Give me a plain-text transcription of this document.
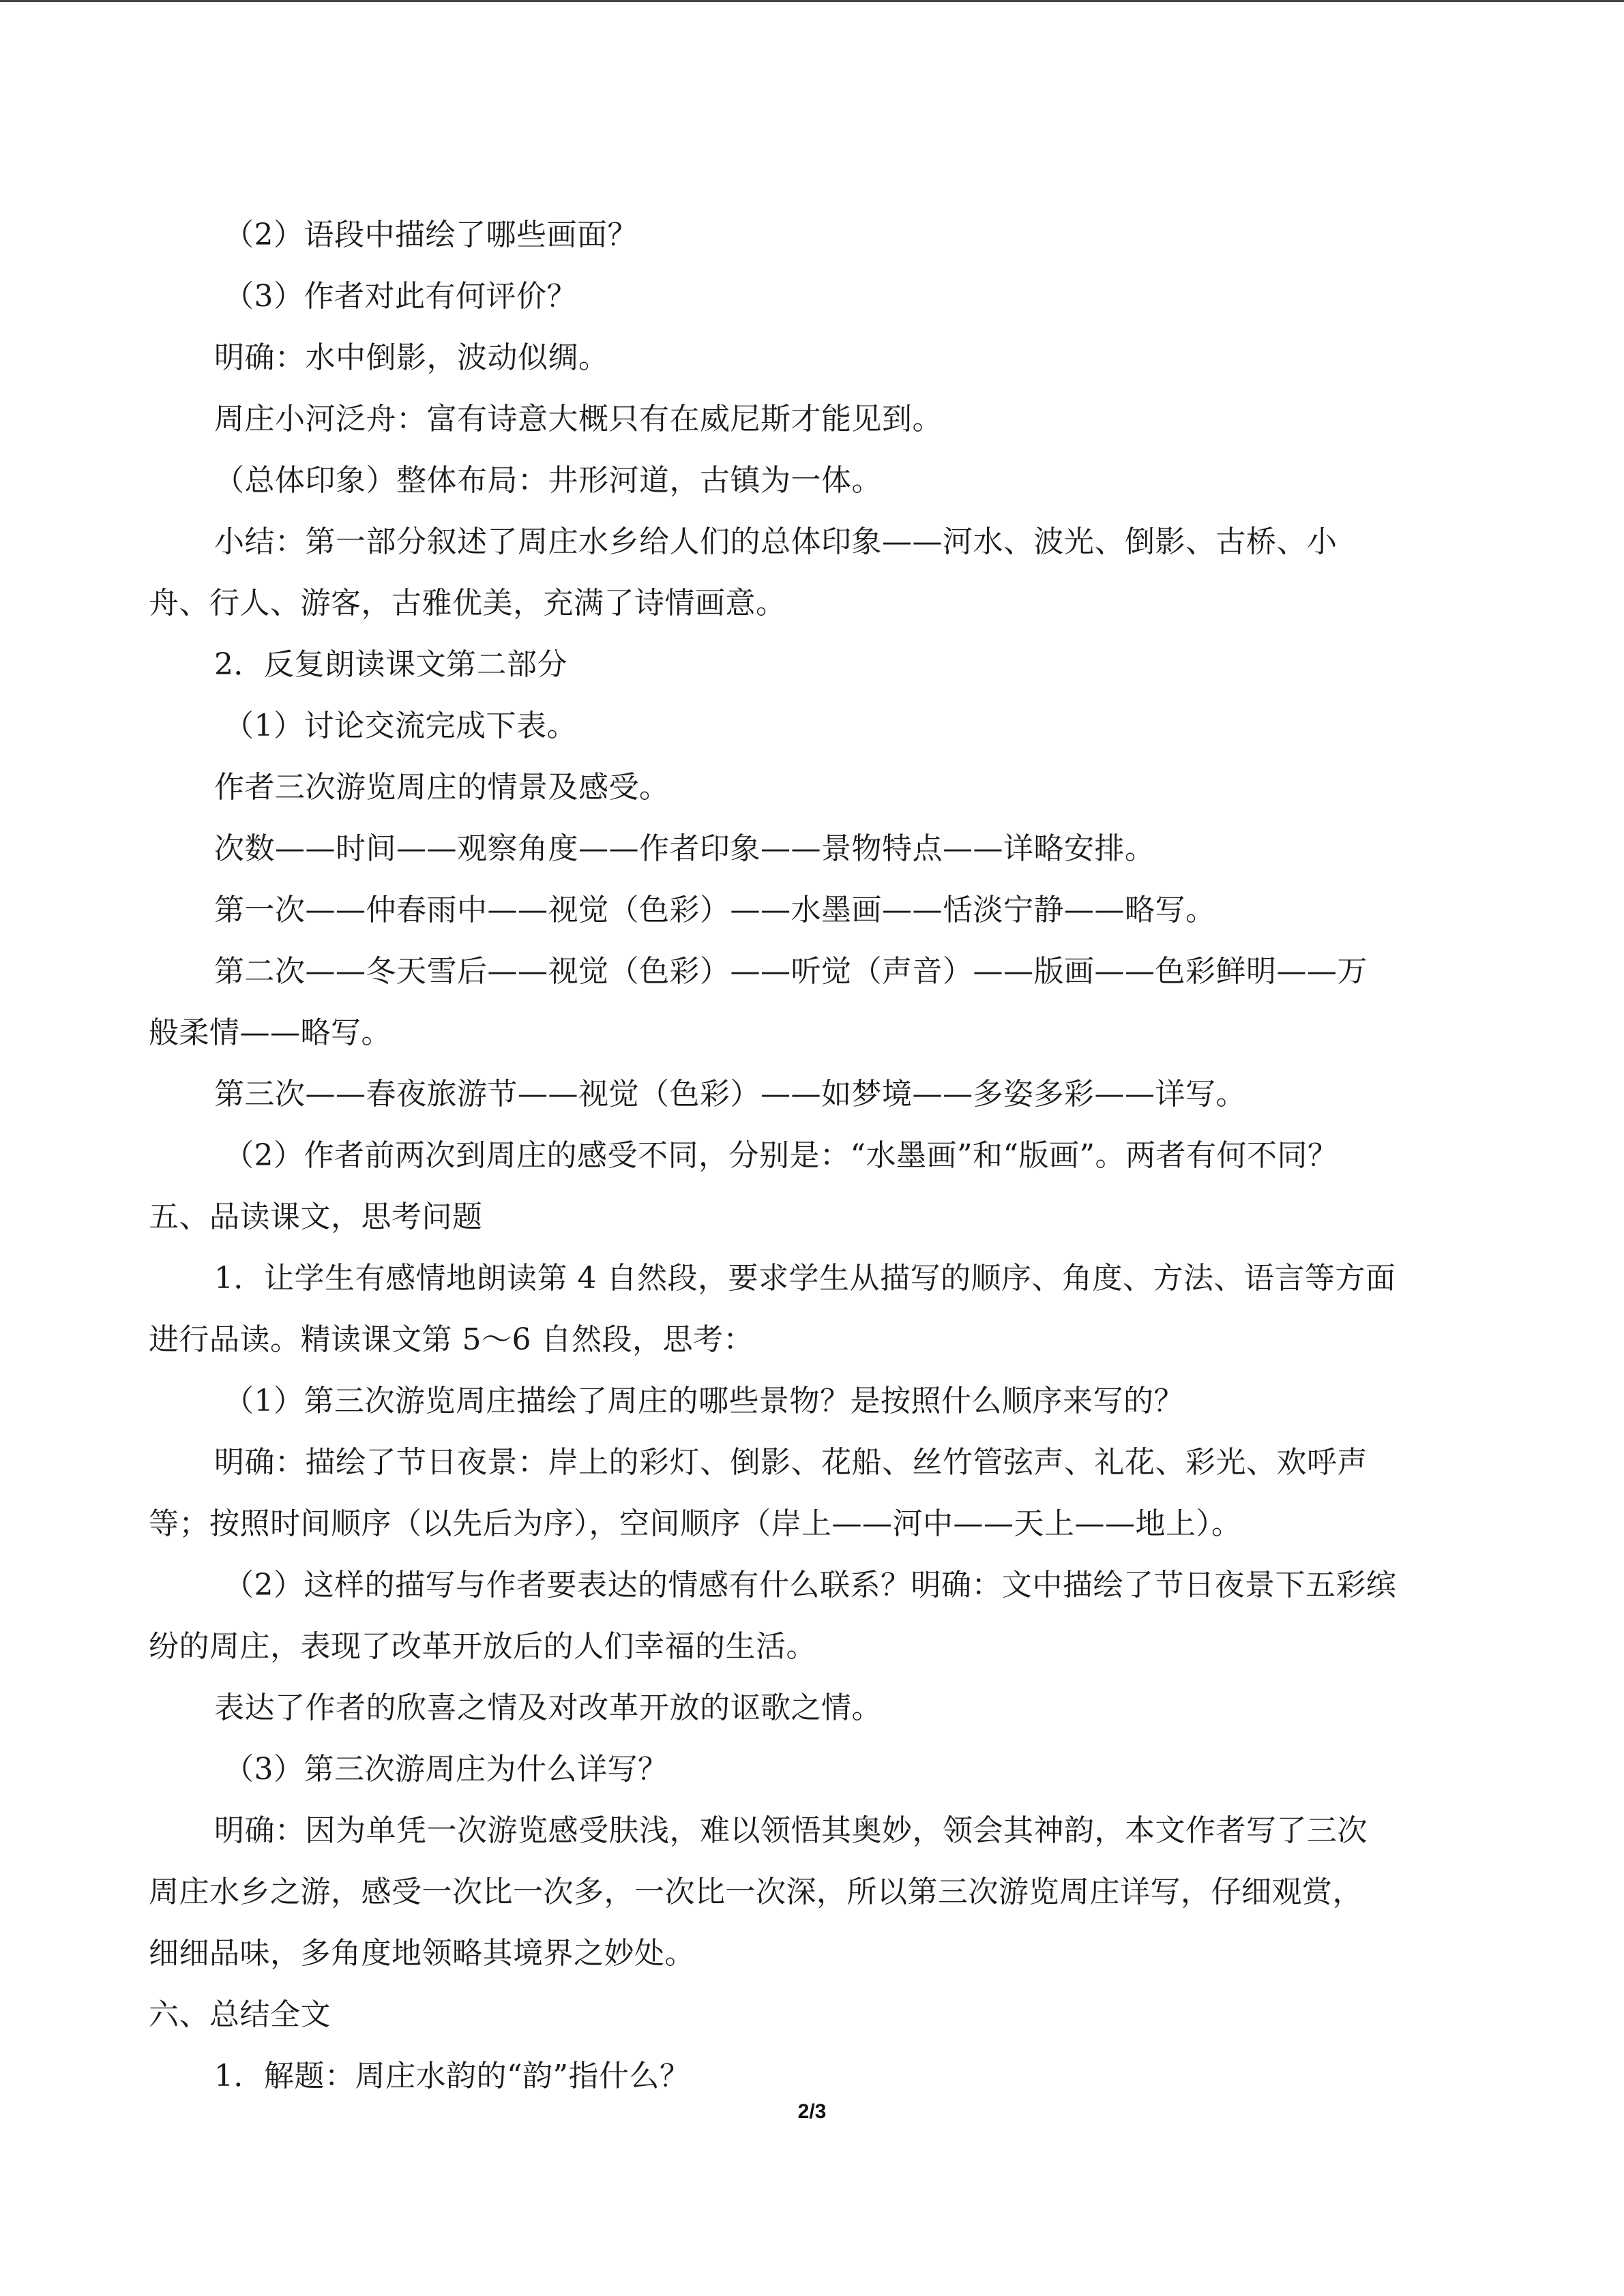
（2）语段中描绘了哪些画面？
（3）作者对此有何评价？
明确：水中倒影，波动似绸。
周庄小河泛舟：富有诗意大概只有在威尼斯才能见到。
（总体印象）整体布局：井形河道，古镇为一体。
小结：第一部分叙述了周庄水乡给人们的总体印象——河水、波光、倒影、古桥、小
舟、行人、游客，古雅优美，充满了诗情画意。
2．反复朗读课文第二部分
（1）讨论交流完成下表。
作者三次游览周庄的情景及感受。
次数——时间——观察角度——作者印象——景物特点——详略安排。
第一次——仲春雨中——视觉（色彩）——水墨画——恬淡宁静——略写。
第二次——冬天雪后——视觉（色彩）——听觉（声音）——版画——色彩鲜明——万
般柔情——略写。
第三次——春夜旅游节——视觉（色彩）——如梦境——多姿多彩——详写。
（2）作者前两次到周庄的感受不同，分别是：“水墨画”和“版画”。两者有何不同？
五、品读课文，思考问题
1．让学生有感情地朗读第 4 自然段，要求学生从描写的顺序、角度、方法、语言等方面
进行品读。精读课文第 5～6 自然段，思考：
（1）第三次游览周庄描绘了周庄的哪些景物？是按照什么顺序来写的？
明确：描绘了节日夜景：岸上的彩灯、倒影、花船、丝竹管弦声、礼花、彩光、欢呼声
等；按照时间顺序（以先后为序），空间顺序（岸上——河中——天上——地上）。
（2）这样的描写与作者要表达的情感有什么联系？明确：文中描绘了节日夜景下五彩缤
纷的周庄，表现了改革开放后的人们幸福的生活。
表达了作者的欣喜之情及对改革开放的讴歌之情。
（3）第三次游周庄为什么详写？
明确：因为单凭一次游览感受肤浅，难以领悟其奥妙，领会其神韵，本文作者写了三次
周庄水乡之游，感受一次比一次多，一次比一次深，所以第三次游览周庄详写，仔细观赏，
细细品味，多角度地领略其境界之妙处。
六、总结全文
1．解题：周庄水韵的“韵”指什么？
2/3
